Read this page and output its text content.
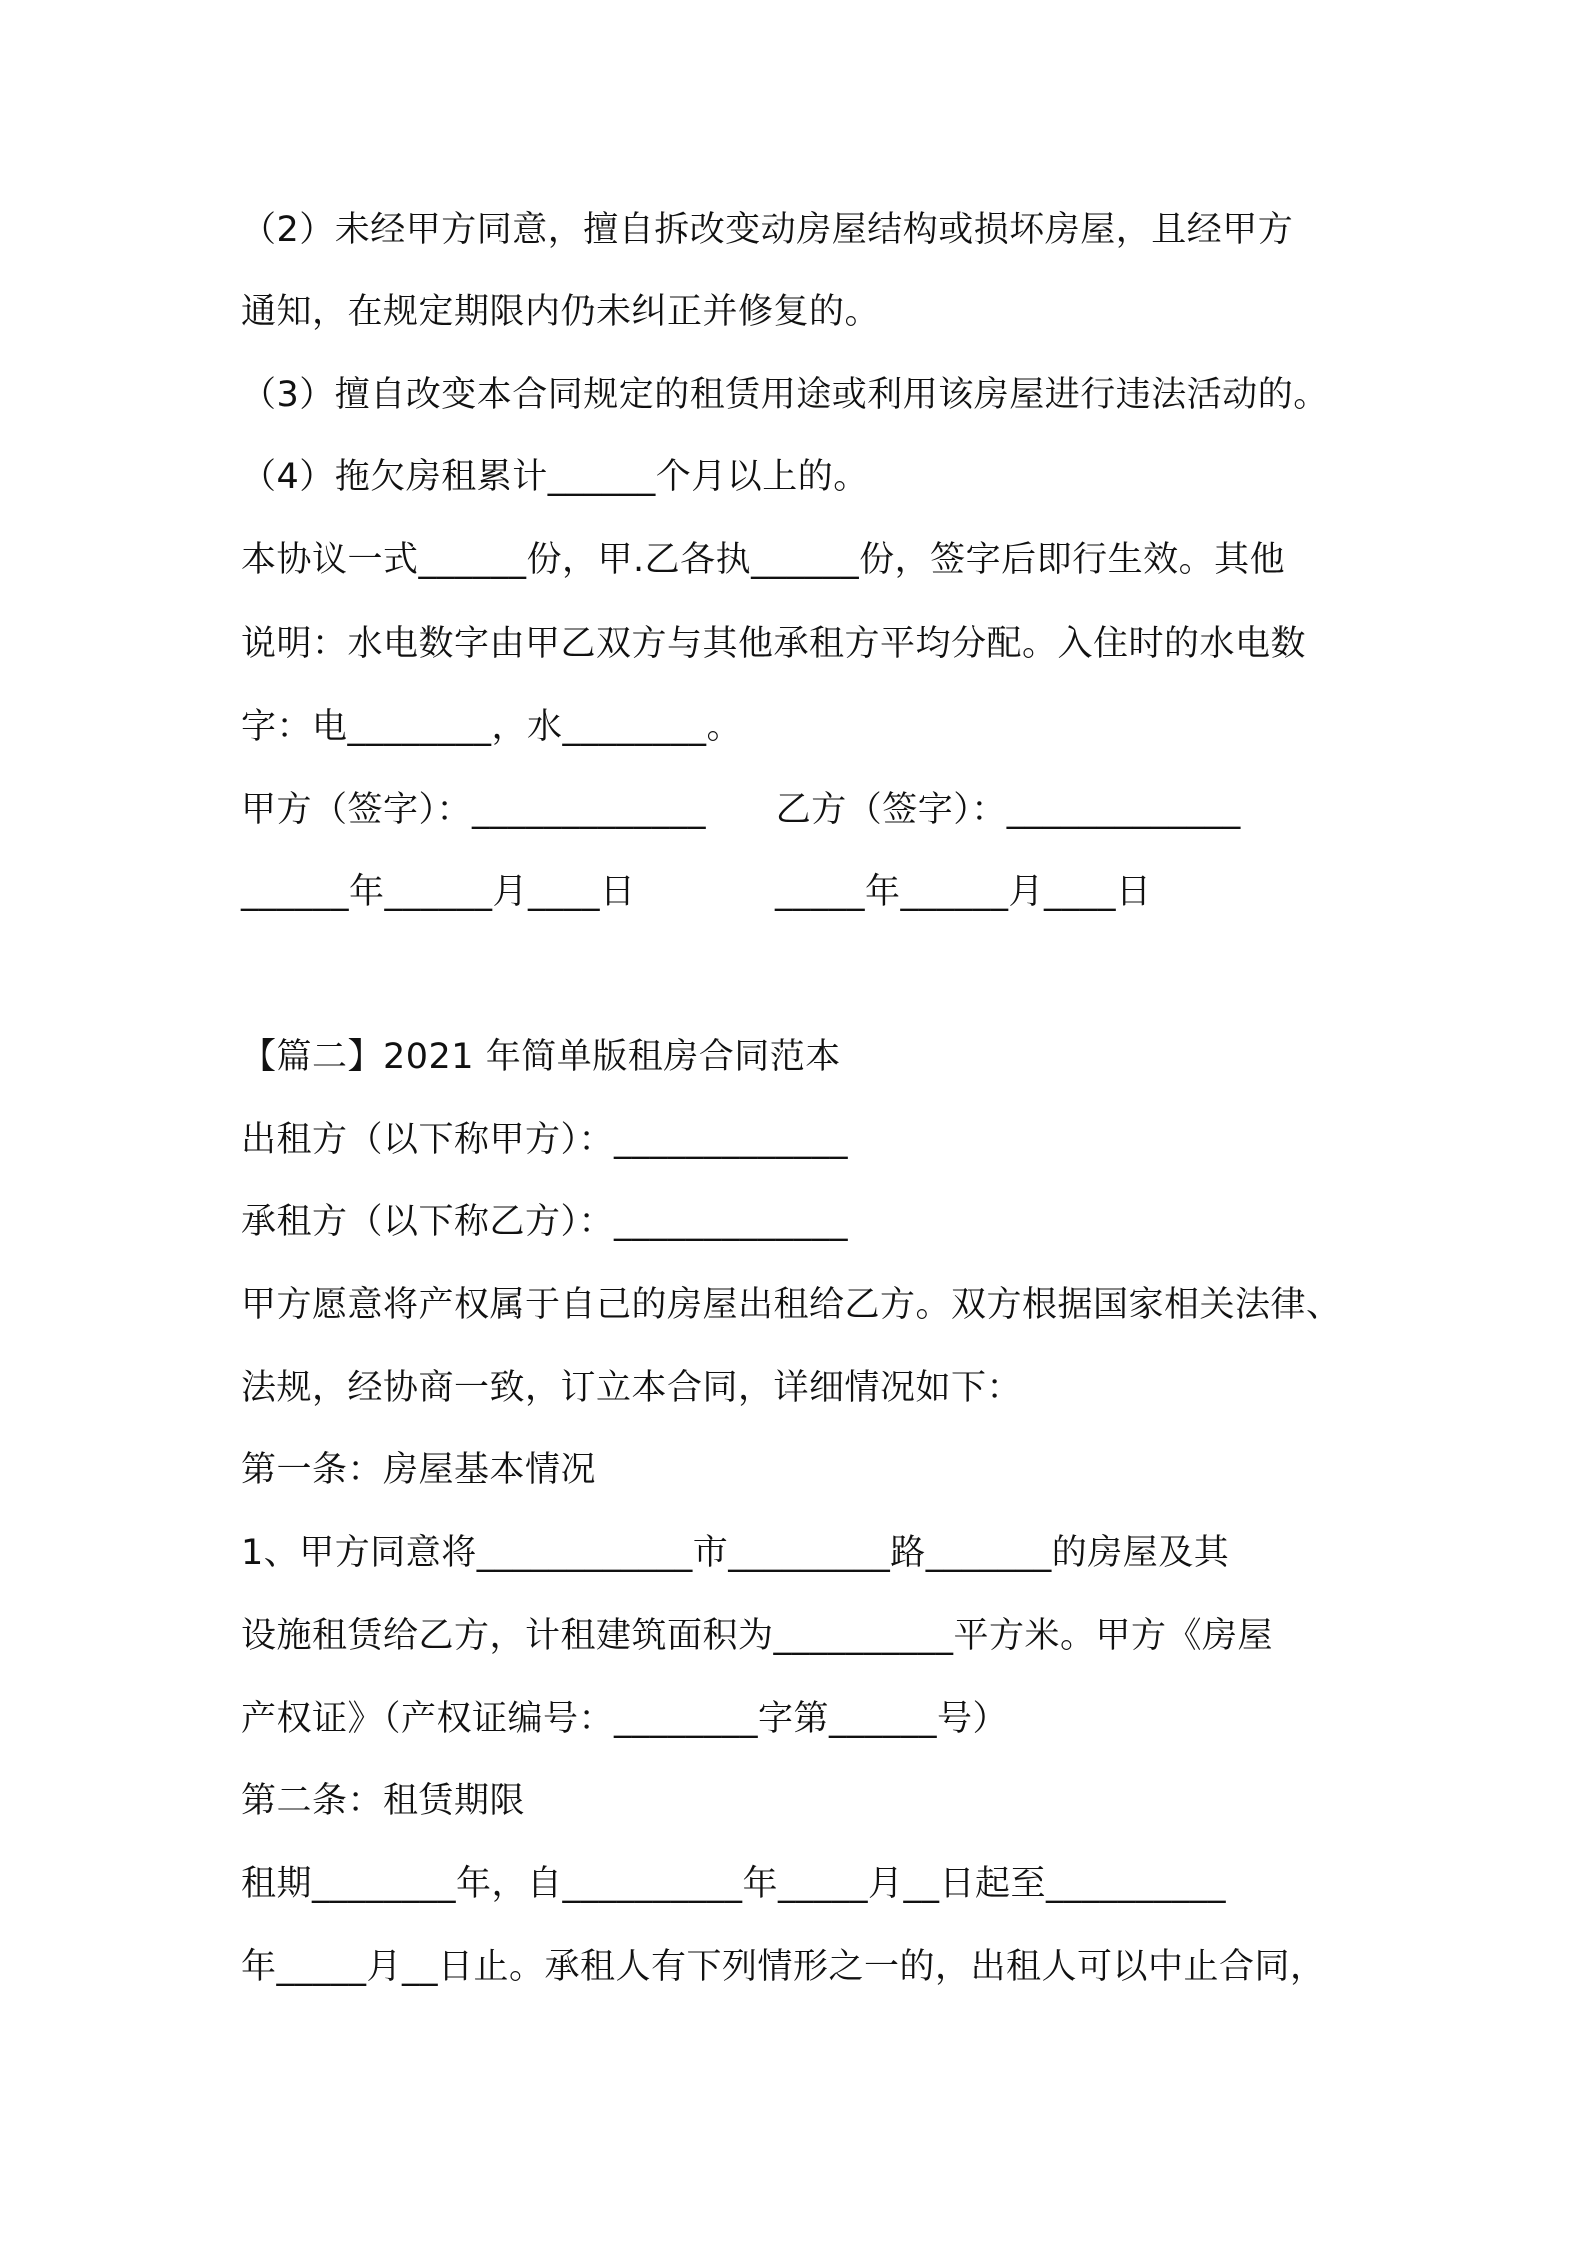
（2）未经甲方同意，擅自拆改变动房屋结构或损坏房屋，且经甲方
通知，在规定期限内仍未纠正并修复的。
（3）擅自改变本合同规定的租赁用途或利用该房屋进行违法活动的。
（4）拖欠房租累计______个月以上的。
本协议一式______份，甲.乙各执______份，签字后即行生效。其他
说明：水电数字由甲乙双方与其他承租方平均分配。入住时的水电数
字：电________，水________。
甲方（签字）：_____________      乙方（签字）：_____________
______年______月____日            _____年______月____日
【篇二】2021 年简单版租房合同范本
出租方（以下称甲方）：_____________
承租方（以下称乙方）：_____________
甲方愿意将产权属于自己的房屋出租给乙方。双方根据国家相关法律、
法规，经协商一致，订立本合同，详细情况如下：
第一条：房屋基本情况
1、甲方同意将____________市_________路_______的房屋及其
设施租赁给乙方，计租建筑面积为__________平方米。甲方《房屋
产权证》（产权证编号：________字第______号）
第二条：租赁期限
租期________年，自__________年_____月__日起至__________
年_____月__日止。承租人有下列情形之一的，出租人可以中止合同，
